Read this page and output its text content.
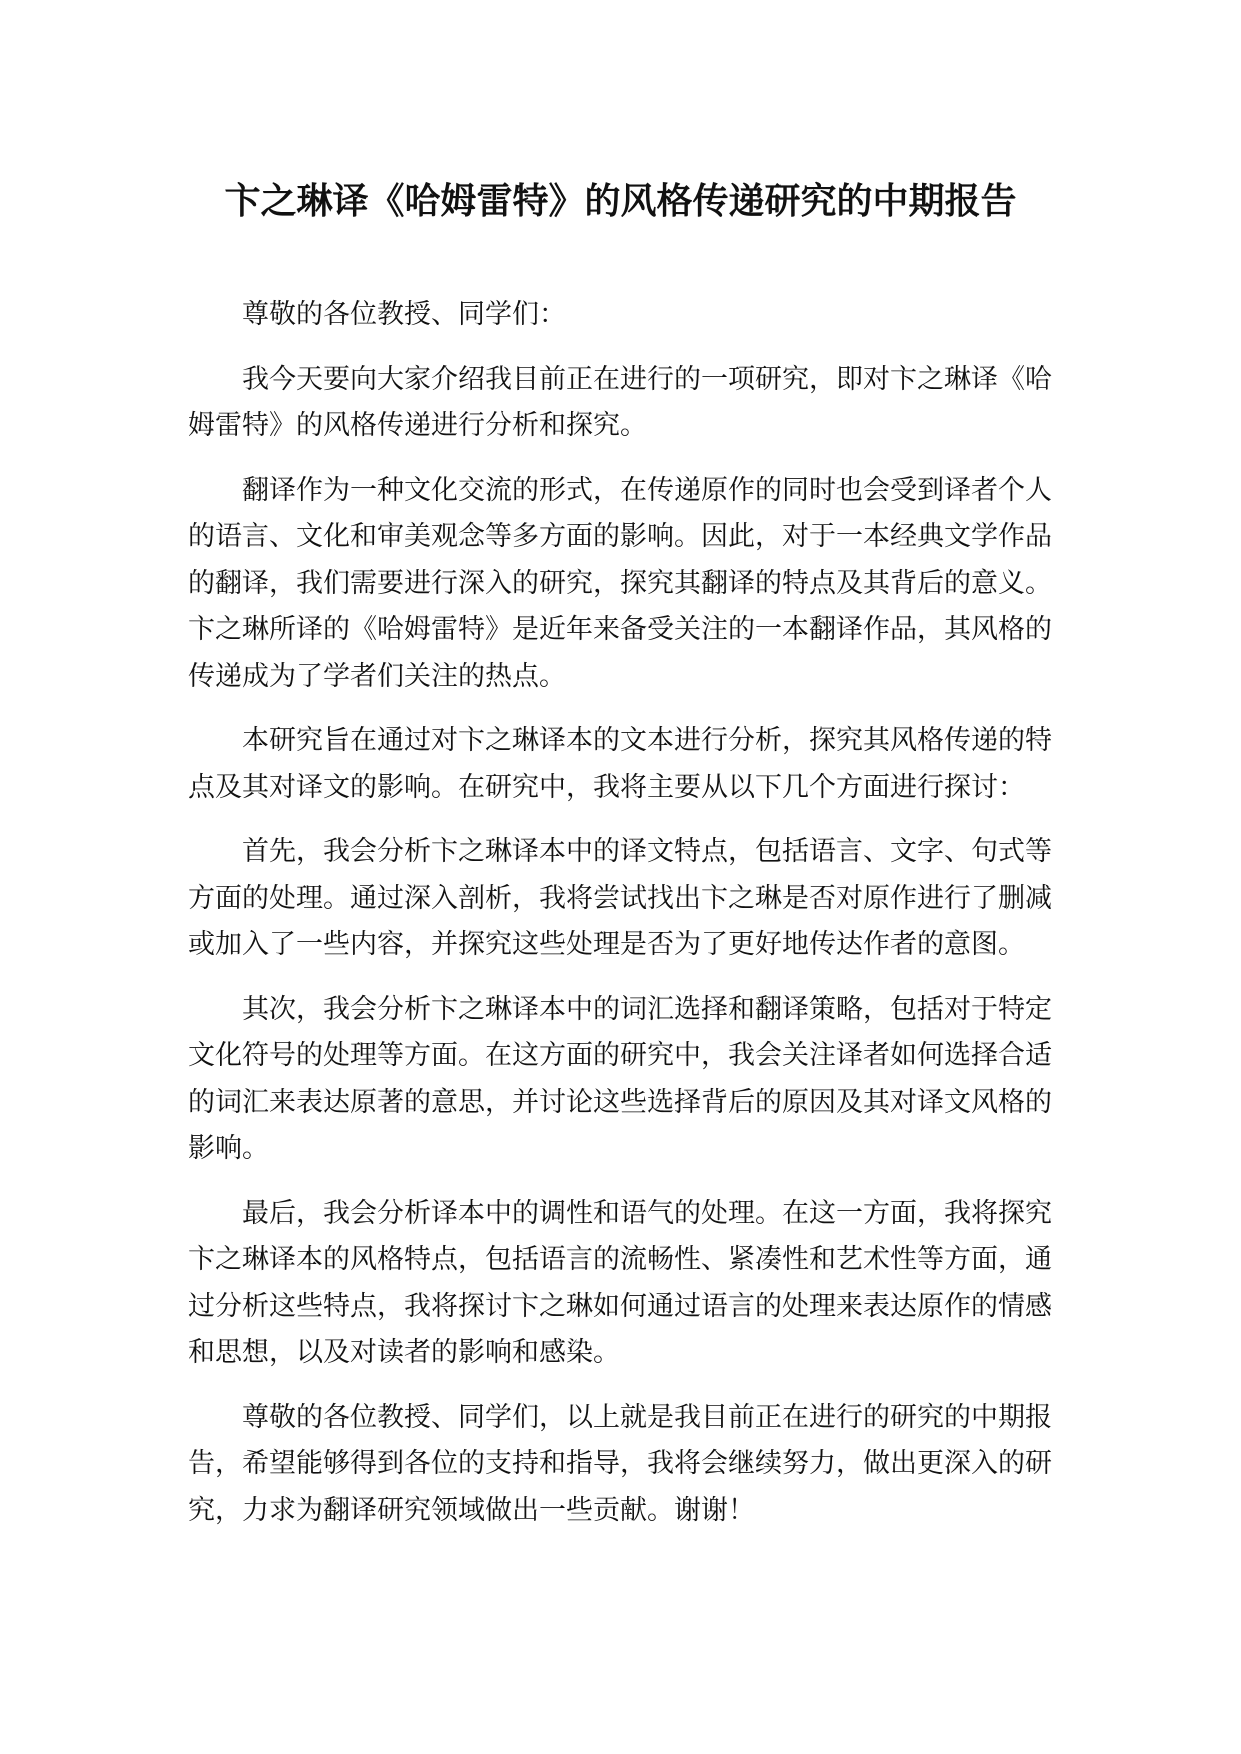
卞之琳译《哈姆雷特》的风格传递研究的中期报告

尊敬的各位教授、同学们：

我今天要向大家介绍我目前正在进行的一项研究，即对卞之琳译《哈姆雷特》的风格传递进行分析和探究。

翻译作为一种文化交流的形式，在传递原作的同时也会受到译者个人的语言、文化和审美观念等多方面的影响。因此，对于一本经典文学作品的翻译，我们需要进行深入的研究，探究其翻译的特点及其背后的意义。卞之琳所译的《哈姆雷特》是近年来备受关注的一本翻译作品，其风格的传递成为了学者们关注的热点。

本研究旨在通过对卞之琳译本的文本进行分析，探究其风格传递的特点及其对译文的影响。在研究中，我将主要从以下几个方面进行探讨：

首先，我会分析卞之琳译本中的译文特点，包括语言、文字、句式等方面的处理。通过深入剖析，我将尝试找出卞之琳是否对原作进行了删减或加入了一些内容，并探究这些处理是否为了更好地传达作者的意图。

其次，我会分析卞之琳译本中的词汇选择和翻译策略，包括对于特定文化符号的处理等方面。在这方面的研究中，我会关注译者如何选择合适的词汇来表达原著的意思，并讨论这些选择背后的原因及其对译文风格的影响。

最后，我会分析译本中的调性和语气的处理。在这一方面，我将探究卞之琳译本的风格特点，包括语言的流畅性、紧凑性和艺术性等方面，通过分析这些特点，我将探讨卞之琳如何通过语言的处理来表达原作的情感和思想，以及对读者的影响和感染。

尊敬的各位教授、同学们，以上就是我目前正在进行的研究的中期报告，希望能够得到各位的支持和指导，我将会继续努力，做出更深入的研究，力求为翻译研究领域做出一些贡献。谢谢！
